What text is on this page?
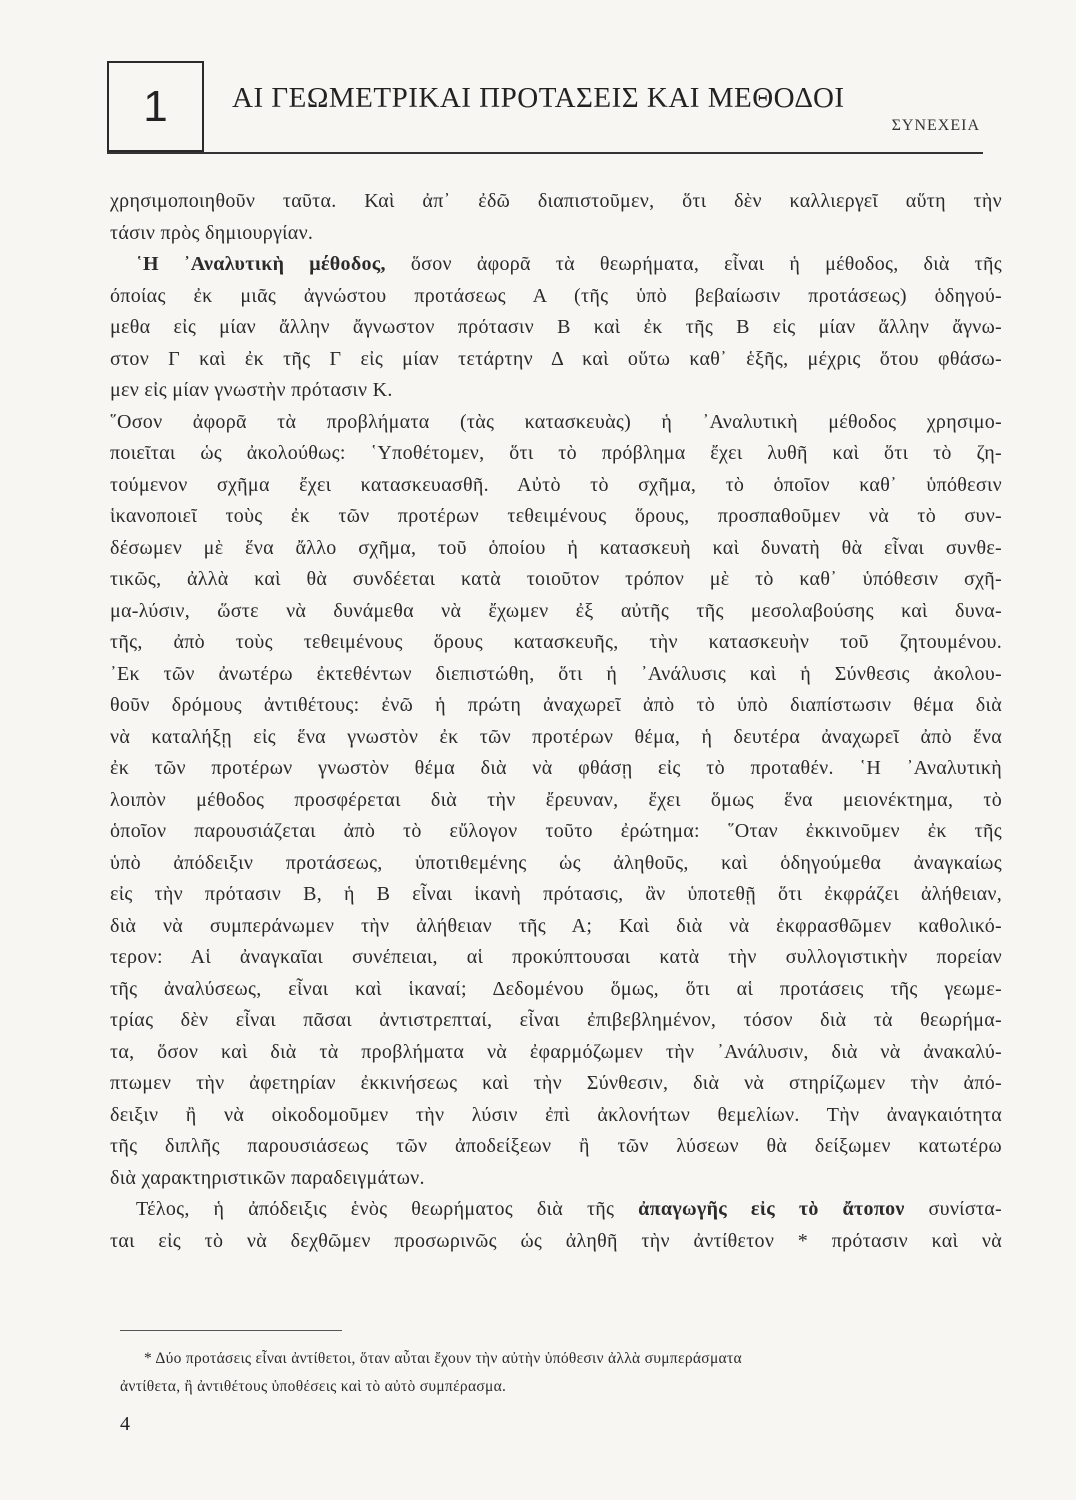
1 ΑΙ ΓΕΩΜΕΤΡΙΚΑΙ ΠΡΟΤΑΣΕΙΣ ΚΑΙ ΜΕΘΟΔΟΙ
ΣΥΝΕΧΕΙΑ
χρησιμοποιηθοῦν ταῦτα. Καὶ ἀπ᾽ ἐδῶ διαπιστοῦμεν, ὅτι δὲν καλλιεργεῖ αὕτη τὴν
τάσιν πρὸς δημιουργίαν.
῾Η ᾿Αναλυτικὴ μέθοδος, ὅσον ἀφορᾶ τὰ θεωρήματα, εἶναι ἡ μέθοδος, διὰ τῆς
όποίας ἐκ μιᾶς ἀγνώστου προτάσεως Α (τῆς ὑπὸ βεβαίωσιν προτάσεως) ὁδηγού-
μεθα εἰς μίαν ἄλλην ἄγνωστον πρότασιν Β καὶ ἐκ τῆς Β εἰς μίαν ἄλλην ἄγνω-
στον Γ καὶ ἐκ τῆς Γ εἰς μίαν τετάρτην Δ καὶ οὕτω καθ᾽ ἑξῆς, μέχρις ὅτου φθάσω-
μεν εἰς μίαν γνωστὴν πρότασιν Κ.
῞Οσον ἀφορᾶ τὰ προβλήματα (τὰς κατασκευὰς) ἡ ᾿Αναλυτικὴ μέθοδος χρησιμο-
ποιεῖται ὡς ἀκολούθως: ῾Υποθέτομεν, ὅτι τὸ πρόβλημα ἔχει λυθῆ καὶ ὅτι τὸ ζη-
τούμενον σχῆμα ἔχει κατασκευασθῆ. Αὐτὸ τὸ σχῆμα, τὸ ὁποῖον καθ᾽ ὑπόθεσιν
ἱκανοποιεῖ τοὺς ἐκ τῶν προτέρων τεθειμένους ὅρους, προσπαθοῦμεν νὰ τὸ συν-
δέσωμεν μὲ ἕνα ἄλλο σχῆμα, τοῦ ὁποίου ἡ κατασκευὴ καὶ δυνατὴ θὰ εἶναι συνθε-
τικῶς, ἀλλὰ καὶ θὰ συνδέεται κατὰ τοιοῦτον τρόπον μὲ τὸ καθ᾽ ὑπόθεσιν σχῆ-
μα-λύσιν, ὥστε νὰ δυνάμεθα νὰ ἔχωμεν ἐξ αὐτῆς τῆς μεσολαβούσης καὶ δυνα-
τῆς, ἀπὸ τοὺς τεθειμένους ὅρους κατασκευῆς, τὴν κατασκευὴν τοῦ ζητουμένου.
᾿Εκ τῶν ἀνωτέρω ἐκτεθέντων διεπιστώθη, ὅτι ἡ ᾿Ανάλυσις καὶ ἡ Σύνθεσις ἀκολου-
θοῦν δρόμους ἀντιθέτους: ἐνῶ ἡ πρώτη ἀναχωρεῖ ἀπὸ τὸ ὑπὸ διαπίστωσιν θέμα διὰ
νὰ καταλήξῃ εἰς ἕνα γνωστὸν ἐκ τῶν προτέρων θέμα, ἡ δευτέρα ἀναχωρεῖ ἀπὸ ἕνα
ἐκ τῶν προτέρων γνωστὸν θέμα διὰ νὰ φθάσῃ εἰς τὸ προταθέν. ῾Η ᾿Αναλυτικὴ
λοιπὸν μέθοδος προσφέρεται διὰ τὴν ἔρευναν, ἔχει ὅμως ἕνα μειονέκτημα, τὸ
ὁποῖον παρουσιάζεται ἀπὸ τὸ εὔλογον τοῦτο ἐρώτημα: ῞Οταν ἐκκινοῦμεν ἐκ τῆς
ὑπὸ ἀπόδειξιν προτάσεως, ὑποτιθεμένης ὡς ἀληθοῦς, καὶ ὁδηγούμεθα ἀναγκαίως
εἰς τὴν πρότασιν Β, ἡ Β εἶναι ἱκανὴ πρότασις, ἂν ὑποτεθῇ ὅτι ἐκφράζει ἀλήθειαν,
διὰ νὰ συμπεράνωμεν τὴν ἀλήθειαν τῆς Α; Καὶ διὰ νὰ ἐκφρασθῶμεν καθολικό-
τερον: Αἱ ἀναγκαῖαι συνέπειαι, αἱ προκύπτουσαι κατὰ τὴν συλλογιστικὴν πορείαν
τῆς ἀναλύσεως, εἶναι καὶ ἱκαναί; Δεδομένου ὅμως, ὅτι αἱ προτάσεις τῆς γεωμε-
τρίας δὲν εἶναι πᾶσαι ἀντιστρεπταί, εἶναι ἐπιβεβλημένον, τόσον διὰ τὰ θεωρήμα-
τα, ὅσον καὶ διὰ τὰ προβλήματα νὰ ἐφαρμόζωμεν τὴν ᾿Ανάλυσιν, διὰ νὰ ἀνακαλύ-
πτωμεν τὴν ἀφετηρίαν ἐκκινήσεως καὶ τὴν Σύνθεσιν, διὰ νὰ στηρίζωμεν τὴν ἀπό-
δειξιν ἢ νὰ οἰκοδομοῦμεν τὴν λύσιν ἐπὶ ἀκλονήτων θεμελίων. Τὴν ἀναγκαιότητα
τῆς διπλῆς παρουσιάσεως τῶν ἀποδείξεων ἢ τῶν λύσεων θὰ δείξωμεν κατωτέρω
διὰ χαρακτηριστικῶν παραδειγμάτων.
Τέλος, ἡ ἀπόδειξις ἑνὸς θεωρήματος διὰ τῆς ἀπαγωγῆς εἰς τὸ ἄτοπον συνίστα-
ται εἰς τὸ νὰ δεχθῶμεν προσωρινῶς ὡς ἀληθῆ τὴν ἀντίθετον * πρότασιν καὶ νὰ
* Δύο προτάσεις εἶναι ἀντίθετοι, ὅταν αὗται ἔχουν τὴν αὐτὴν ὑπόθεσιν ἀλλὰ συμπεράσματα
ἀντίθετα, ἢ ἀντιθέτους ὑποθέσεις καὶ τὸ αὐτὸ συμπέρασμα.
4
